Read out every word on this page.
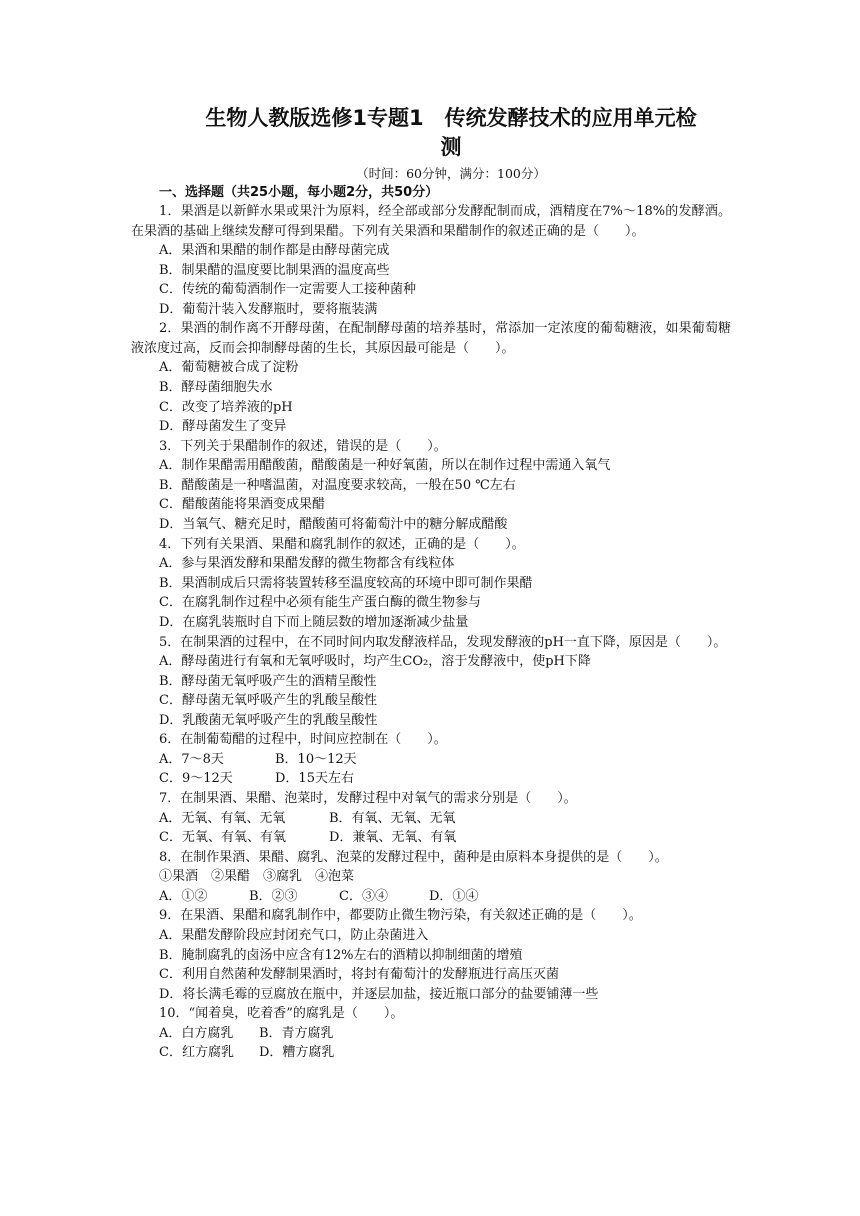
生物人教版选修1专题1　传统发酵技术的应用单元检
测

（时间：60分钟，满分：100分）

一、选择题（共25小题，每小题2分，共50分）

1．果酒是以新鲜水果或果汁为原料，经全部或部分发酵配制而成，酒精度在7%～18%的发酵酒。在果酒的基础上继续发酵可得到果醋。下列有关果酒和果醋制作的叙述正确的是（　　）。

A．果酒和果醋的制作都是由酵母菌完成

B．制果醋的温度要比制果酒的温度高些

C．传统的葡萄酒制作一定需要人工接种菌种

D．葡萄汁装入发酵瓶时，要将瓶装满

2．果酒的制作离不开酵母菌，在配制酵母菌的培养基时，常添加一定浓度的葡萄糖液，如果葡萄糖液浓度过高，反而会抑制酵母菌的生长，其原因最可能是（　　）。

A．葡萄糖被合成了淀粉

B．酵母菌细胞失水

C．改变了培养液的pH

D．酵母菌发生了变异

3．下列关于果醋制作的叙述，错误的是（　　）。

A．制作果醋需用醋酸菌，醋酸菌是一种好氧菌，所以在制作过程中需通入氧气

B．醋酸菌是一种嗜温菌，对温度要求较高，一般在50 ℃左右

C．醋酸菌能将果酒变成果醋

D．当氧气、糖充足时，醋酸菌可将葡萄汁中的糖分解成醋酸

4．下列有关果酒、果醋和腐乳制作的叙述，正确的是（　　）。

A．参与果酒发酵和果醋发酵的微生物都含有线粒体

B．果酒制成后只需将装置转移至温度较高的环境中即可制作果醋

C．在腐乳制作过程中必须有能生产蛋白酶的微生物参与

D．在腐乳装瓶时自下而上随层数的增加逐渐减少盐量

5．在制果酒的过程中，在不同时间内取发酵液样品，发现发酵液的pH一直下降，原因是（　　）。

A．酵母菌进行有氧和无氧呼吸时，均产生CO₂，溶于发酵液中，使pH下降

B．酵母菌无氧呼吸产生的酒精呈酸性

C．酵母菌无氧呼吸产生的乳酸呈酸性

D．乳酸菌无氧呼吸产生的乳酸呈酸性

6．在制葡萄醋的过程中，时间应控制在（　　）。

A．7～8天	B．10～12天

C．9～12天	D．15天左右

7．在制果酒、果醋、泡菜时，发酵过程中对氧气的需求分别是（　　）。

A．无氧、有氧、无氧	B．有氧、无氧、无氧

C．无氧、有氧、有氧	D．兼氧、无氧、有氧

8．在制作果酒、果醋、腐乳、泡菜的发酵过程中，菌种是由原料本身提供的是（　　）。

①果酒　②果醋　③腐乳　④泡菜

A．①②	B．②③	C．③④	D．①④

9．在果酒、果醋和腐乳制作中，都要防止微生物污染，有关叙述正确的是（　　）。

A．果醋发酵阶段应封闭充气口，防止杂菌进入

B．腌制腐乳的卤汤中应含有12%左右的酒精以抑制细菌的增殖

C．利用自然菌种发酵制果酒时，将封有葡萄汁的发酵瓶进行高压灭菌

D．将长满毛霉的豆腐放在瓶中，并逐层加盐，接近瓶口部分的盐要铺薄一些

10．“闻着臭，吃着香”的腐乳是（　　）。

A．白方腐乳 B．青方腐乳

C．红方腐乳 D．糟方腐乳
